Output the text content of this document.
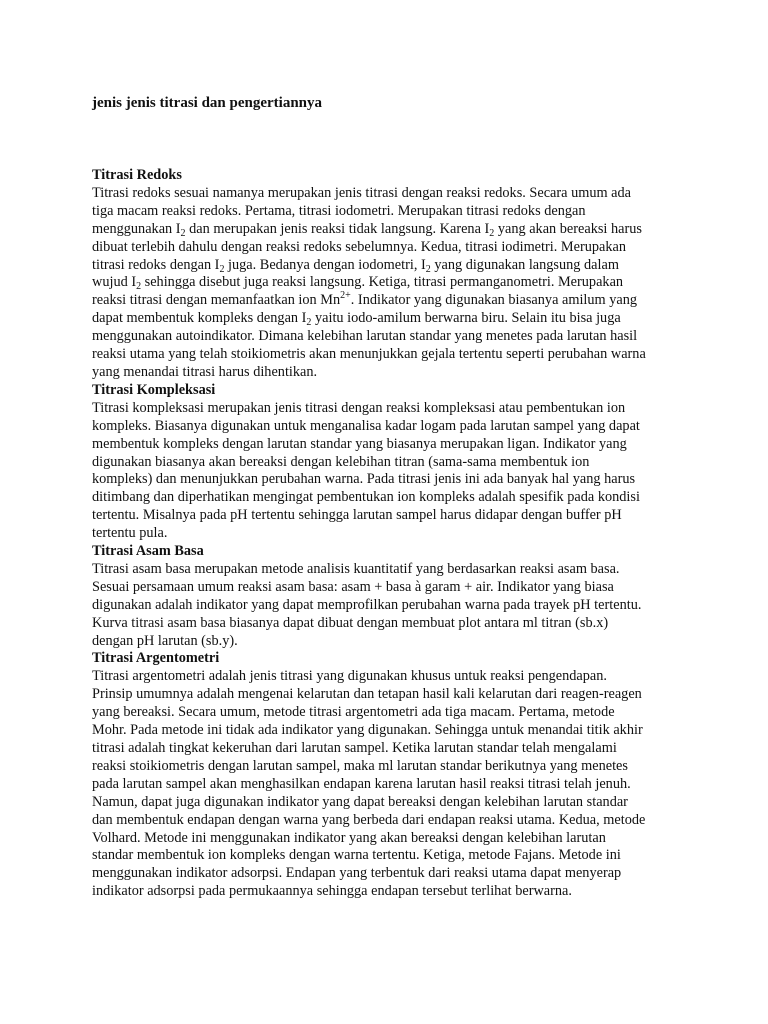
jenis jenis titrasi dan pengertiannya
Titrasi Redoks
Titrasi redoks sesuai namanya merupakan jenis titrasi dengan reaksi redoks. Secara umum ada
tiga macam reaksi redoks. Pertama, titrasi iodometri. Merupakan titrasi redoks dengan
menggunakan $I_2$ dan merupakan jenis reaksi tidak langsung. Karena $I_2$ yang akan bereaksi harus
dibuat terlebih dahulu dengan reaksi redoks sebelumnya. Kedua, titrasi iodimetri. Merupakan
titrasi redoks dengan $I_2$ juga. Bedanya dengan iodometri, $I_2$ yang digunakan langsung dalam
wujud $I_2$ sehingga disebut juga reaksi langsung. Ketiga, titrasi permanganometri. Merupakan
reaksi titrasi dengan memanfaatkan ion $Mn^{2+}$. Indikator yang digunakan biasanya amilum yang
dapat membentuk kompleks dengan $I_2$ yaitu iodo-amilum berwarna biru. Selain itu bisa juga
menggunakan autoindikator. Dimana kelebihan larutan standar yang menetes pada larutan hasil
reaksi utama yang telah stoikiometris akan menunjukkan gejala tertentu seperti perubahan warna
yang menandai titrasi harus dihentikan.
Titrasi Kompleksasi
Titrasi kompleksasi merupakan jenis titrasi dengan reaksi kompleksasi atau pembentukan ion
kompleks. Biasanya digunakan untuk menganalisa kadar logam pada larutan sampel yang dapat
membentuk kompleks dengan larutan standar yang biasanya merupakan ligan. Indikator yang
digunakan biasanya akan bereaksi dengan kelebihan titran (sama-sama membentuk ion
kompleks) dan menunjukkan perubahan warna. Pada titrasi jenis ini ada banyak hal yang harus
ditimbang dan diperhatikan mengingat pembentukan ion kompleks adalah spesifik pada kondisi
tertentu. Misalnya pada pH tertentu sehingga larutan sampel harus didapar dengan buffer pH
tertentu pula.
Titrasi Asam Basa
Titrasi asam basa merupakan metode analisis kuantitatif yang berdasarkan reaksi asam basa.
Sesuai persamaan umum reaksi asam basa: asam + basa à garam + air. Indikator yang biasa
digunakan adalah indikator yang dapat memprofilkan perubahan warna pada trayek pH tertentu.
Kurva titrasi asam basa biasanya dapat dibuat dengan membuat plot antara ml titran (sb.x)
dengan pH larutan (sb.y).
Titrasi Argentometri
Titrasi argentometri adalah jenis titrasi yang digunakan khusus untuk reaksi pengendapan.
Prinsip umumnya adalah mengenai kelarutan dan tetapan hasil kali kelarutan dari reagen-reagen
yang bereaksi. Secara umum, metode titrasi argentometri ada tiga macam. Pertama, metode
Mohr. Pada metode ini tidak ada indikator yang digunakan. Sehingga untuk menandai titik akhir
titrasi adalah tingkat kekeruhan dari larutan sampel. Ketika larutan standar telah mengalami
reaksi stoikiometris dengan larutan sampel, maka ml larutan standar berikutnya yang menetes
pada larutan sampel akan menghasilkan endapan karena larutan hasil reaksi titrasi telah jenuh.
Namun, dapat juga digunakan indikator yang dapat bereaksi dengan kelebihan larutan standar
dan membentuk endapan dengan warna yang berbeda dari endapan reaksi utama. Kedua, metode
Volhard. Metode ini menggunakan indikator yang akan bereaksi dengan kelebihan larutan
standar membentuk ion kompleks dengan warna tertentu. Ketiga, metode Fajans. Metode ini
menggunakan indikator adsorpsi. Endapan yang terbentuk dari reaksi utama dapat menyerap
indikator adsorpsi pada permukaannya sehingga endapan tersebut terlihat berwarna.
